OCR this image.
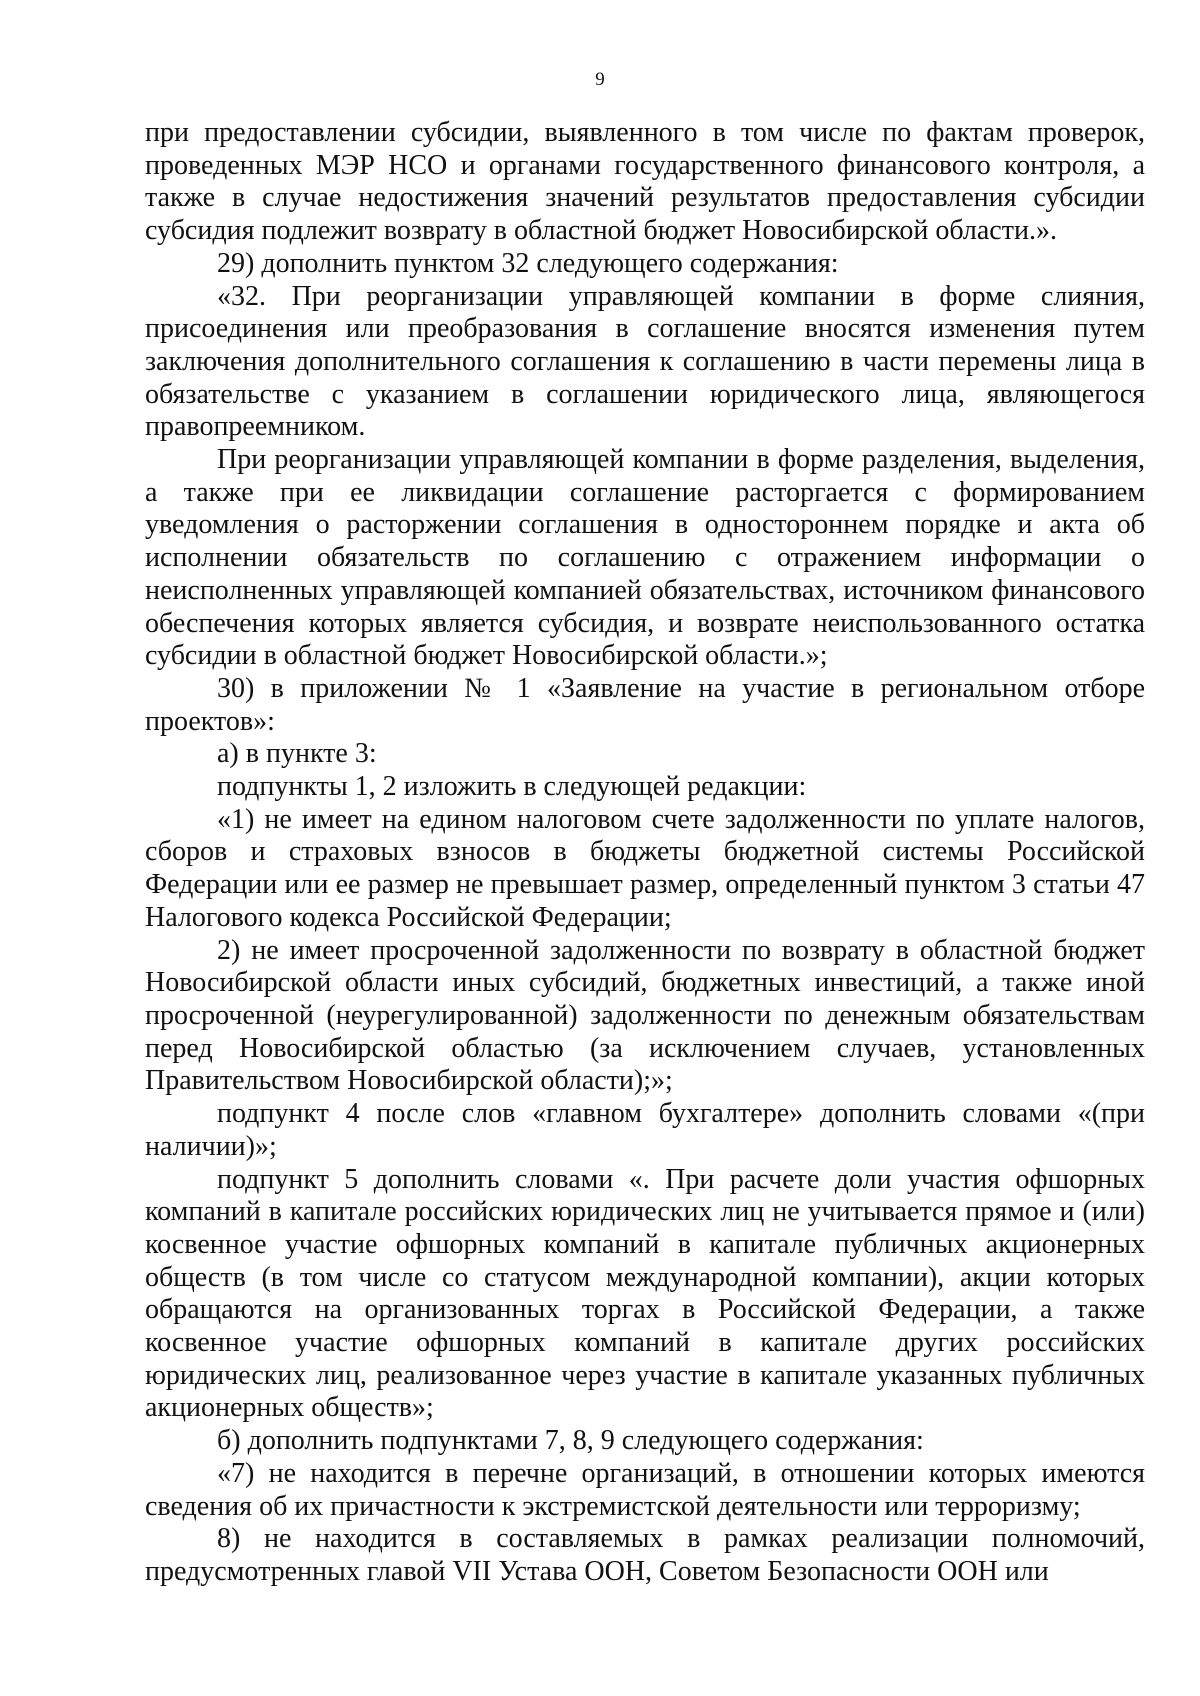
9

при предоставлении субсидии, выявленного в том числе по фактам проверок, проведенных МЭР НСО и органами государственного финансового контроля, а также в случае недостижения значений результатов предоставления субсидии субсидия подлежит возврату в областной бюджет Новосибирской области.».

29) дополнить пунктом 32 следующего содержания:

«32. При реорганизации управляющей компании в форме слияния, присоединения или преобразования в соглашение вносятся изменения путем заключения дополнительного соглашения к соглашению в части перемены лица в обязательстве с указанием в соглашении юридического лица, являющегося правопреемником.

При реорганизации управляющей компании в форме разделения, выделения, а также при ее ликвидации соглашение расторгается с формированием уведомления о расторжении соглашения в одностороннем порядке и акта об исполнении обязательств по соглашению с отражением информации о неисполненных управляющей компанией обязательствах, источником финансового обеспечения которых является субсидия, и возврате неиспользованного остатка субсидии в областной бюджет Новосибирской области.»;

30) в приложении № 1 «Заявление на участие в региональном отборе проектов»:

а) в пункте 3:

подпункты 1, 2 изложить в следующей редакции:

«1) не имеет на едином налоговом счете задолженности по уплате налогов, сборов и страховых взносов в бюджеты бюджетной системы Российской Федерации или ее размер не превышает размер, определенный пунктом 3 статьи 47 Налогового кодекса Российской Федерации;

2) не имеет просроченной задолженности по возврату в областной бюджет Новосибирской области иных субсидий, бюджетных инвестиций, а также иной просроченной (неурегулированной) задолженности по денежным обязательствам перед Новосибирской областью (за исключением случаев, установленных Правительством Новосибирской области);»;

подпункт 4 после слов «главном бухгалтере» дополнить словами «(при наличии)»;

подпункт 5 дополнить словами «. При расчете доли участия офшорных компаний в капитале российских юридических лиц не учитывается прямое и (или) косвенное участие офшорных компаний в капитале публичных акционерных обществ (в том числе со статусом международной компании), акции которых обращаются на организованных торгах в Российской Федерации, а также косвенное участие офшорных компаний в капитале других российских юридических лиц, реализованное через участие в капитале указанных публичных акционерных обществ»;

б) дополнить подпунктами 7, 8, 9 следующего содержания:

«7) не находится в перечне организаций, в отношении которых имеются сведения об их причастности к экстремистской деятельности или терроризму;

8) не находится в составляемых в рамках реализации полномочий, предусмотренных главой VII Устава ООН, Советом Безопасности ООН или
